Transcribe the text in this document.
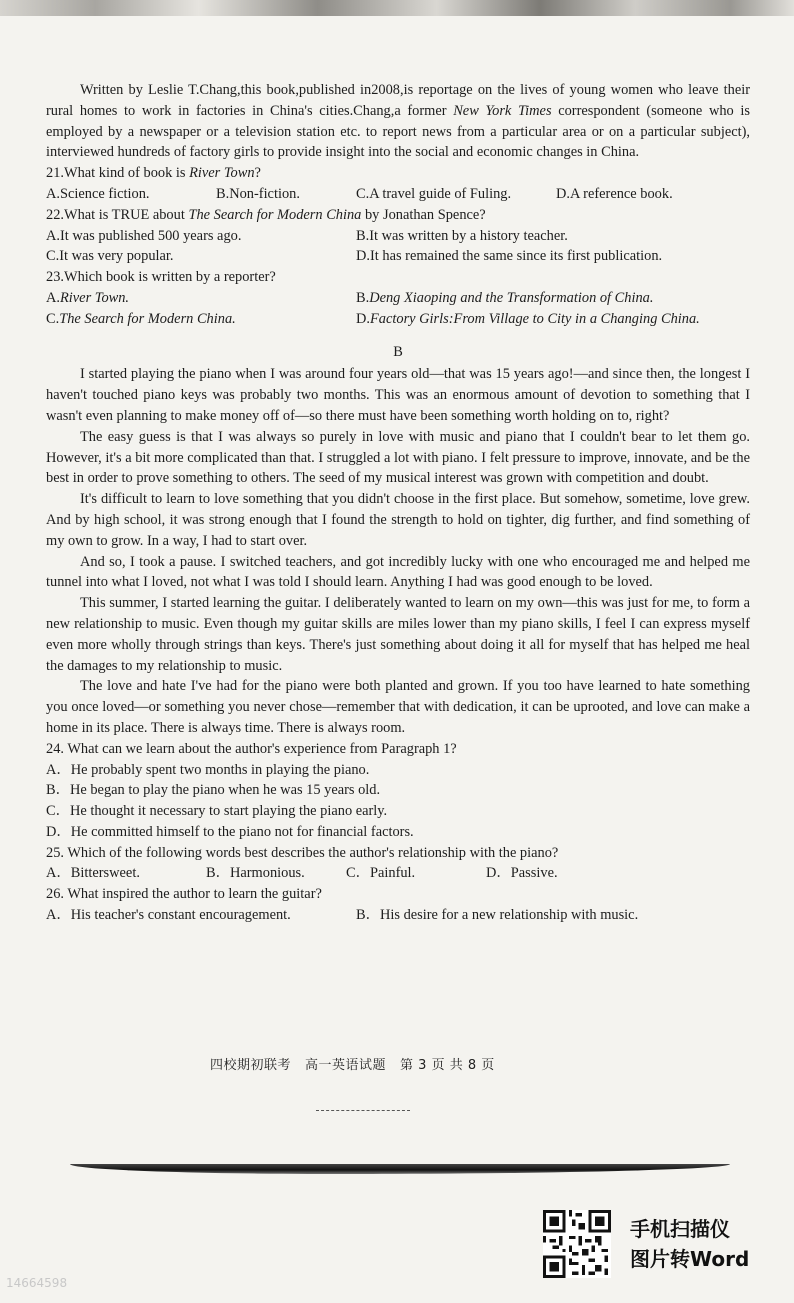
Written by Leslie T.Chang,this book,published in2008,is reportage on the lives of young women who leave their rural homes to work in factories in China's cities.Chang,a former New York Times correspondent (someone who is employed by a newspaper or a television station etc. to report news from a particular area or on a particular subject), interviewed hundreds of factory girls to provide insight into the social and economic changes in China.

21.What kind of book is River Town?

A.Science fiction.	B.Non-fiction.	C.A travel guide of Fuling.	D.A reference book.

22.What is TRUE about The Search for Modern China by Jonathan Spence?

A.It was published 500 years ago.	B.It was written by a history teacher.
C.It was very popular.	D.It has remained the same since its first publication.

23.Which book is written by a reporter?

A.River Town.	B.Deng Xiaoping and the Transformation of China.
C.The Search for Modern China.	D.Factory Girls:From Village to City in a Changing China.
B

I started playing the piano when I was around four years old—that was 15 years ago!—and since then, the longest I haven't touched piano keys was probably two months. This was an enormous amount of devotion to something that I wasn't even planning to make money off of—so there must have been something worth holding on to, right?

The easy guess is that I was always so purely in love with music and piano that I couldn't bear to let them go. However, it's a bit more complicated than that. I struggled a lot with piano. I felt pressure to improve, innovate, and be the best in order to prove something to others. The seed of my musical interest was grown with competition and doubt.

It's difficult to learn to love something that you didn't choose in the first place. But somehow, sometime, love grew. And by high school, it was strong enough that I found the strength to hold on tighter, dig further, and find something of my own to grow. In a way, I had to start over.

And so, I took a pause. I switched teachers, and got incredibly lucky with one who encouraged me and helped me tunnel into what I loved, not what I was told I should learn. Anything I had was good enough to be loved.

This summer, I started learning the guitar. I deliberately wanted to learn on my own—this was just for me, to form a new relationship to music. Even though my guitar skills are miles lower than my piano skills, I feel I can express myself even more wholly through strings than keys. There's just something about doing it all for myself that has helped me heal the damages to my relationship to music.

The love and hate I've had for the piano were both planted and grown. If you too have learned to hate something you once loved—or something you never chose—remember that with dedication, it can be uprooted, and love can make a home in its place. There is always time. There is always room.

24. What can we learn about the author's experience from Paragraph 1?

A．He probably spent two months in playing the piano.

B．He began to play the piano when he was 15 years old.

C．He thought it necessary to start playing the piano early.

D．He committed himself to the piano not for financial factors.

25. Which of the following words best describes the author's relationship with the piano?

A．Bittersweet.	B．Harmonious.	C．Painful.	D．Passive.

26. What inspired the author to learn the guitar?

A．His teacher's constant encouragement.	B．His desire for a new relationship with music.
四校期初联考 高一英语试题 第 3 页 共 8 页
手机扫描仪
图片转Word
14664598
